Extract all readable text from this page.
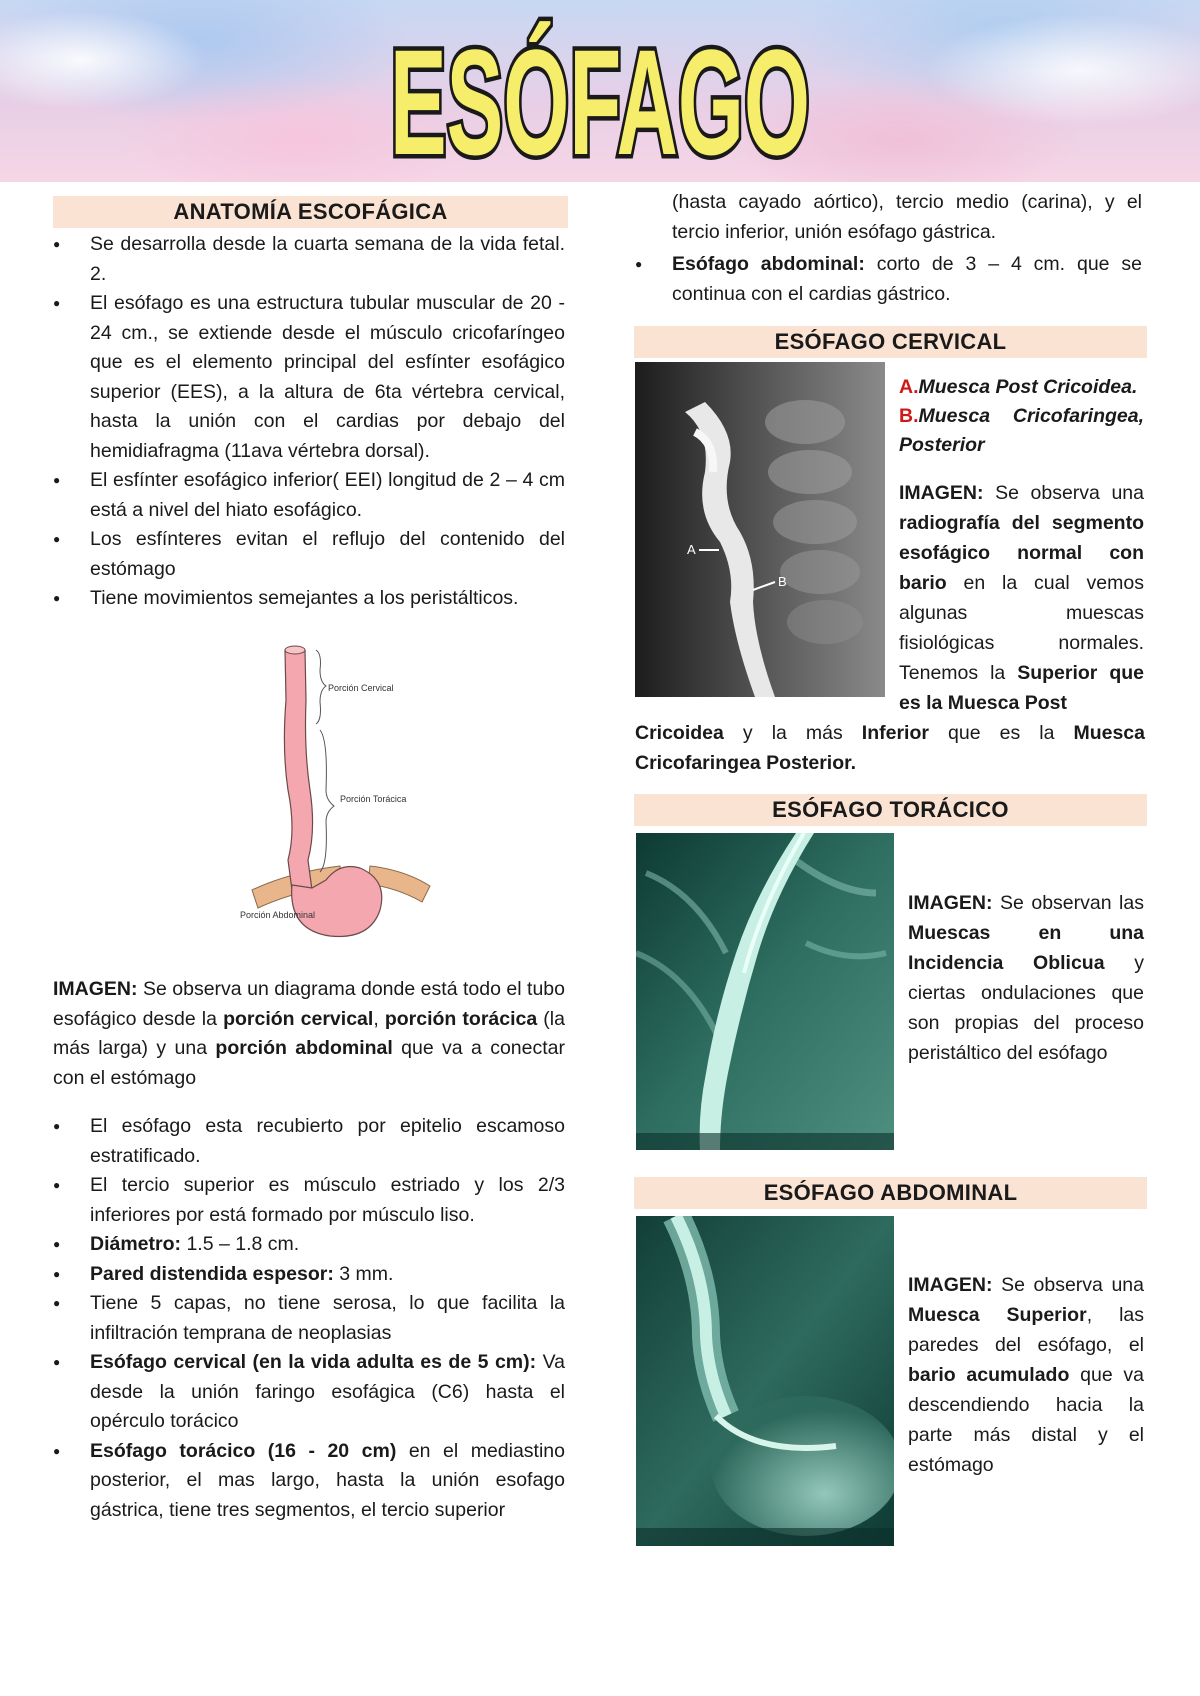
ESÓFAGO
ANATOMÍA ESCOFÁGICA
● Se desarrolla desde la cuarta semana de la vida fetal. 2.
● El esófago es una estructura tubular muscular de 20 - 24 cm., se extiende desde el músculo cricofaríngeo que es el elemento principal del esfínter esofágico superior (EES), a la altura de 6ta vértebra cervical, hasta la unión con el cardias por debajo del hemidiafragma (11ava vértebra dorsal).
● El esfínter esofágico inferior( EEI) longitud de 2 – 4 cm está a nivel del hiato esofágico.
● Los esfínteres evitan el reflujo del contenido del estómago
● Tiene movimientos semejantes a los peristálticos.
Porción Cervical
Porción Torácica
Porción Abdominal
IMAGEN: Se observa un diagrama donde está todo el tubo esofágico desde la porción cervical, porción torácica (la más larga) y una porción abdominal que va a conectar con el estómago
● El esófago esta recubierto por epitelio escamoso estratificado.
● El tercio superior es músculo estriado y los 2/3 inferiores por está formado por músculo liso.
● Diámetro: 1.5 – 1.8 cm.
● Pared distendida espesor: 3 mm.
● Tiene 5 capas, no tiene serosa, lo que facilita la infiltración temprana de neoplasias
● Esófago cervical (en la vida adulta es de 5 cm): Va desde la unión faringo esofágica (C6) hasta el opérculo torácico
● Esófago torácico (16 - 20 cm) en el mediastino posterior, el mas largo, hasta la unión esofago gástrica, tiene tres segmentos, el tercio superior
(hasta cayado aórtico), tercio medio (carina), y el tercio inferior, unión esófago gástrica.
● Esófago abdominal: corto de 3 – 4 cm. que se continua con el cardias gástrico.
ESÓFAGO CERVICAL
A
B
A.Muesca Post Cricoidea.
B.Muesca Cricofaringea, Posterior
IMAGEN: Se observa una radiografía del segmento esofágico normal con bario en la cual vemos algunas muescas fisiológicas normales. Tenemos la Superior que es la Muesca Post
Cricoidea y la más Inferior que es la Muesca Cricofaringea Posterior.
ESÓFAGO TORÁCICO
IMAGEN: Se observan las Muescas en una Incidencia Oblicua y ciertas ondulaciones que son propias del proceso peristáltico del esófago
ESÓFAGO ABDOMINAL
IMAGEN: Se observa una Muesca Superior, las paredes del esófago, el bario acumulado que va descendiendo hacia la parte más distal y el estómago
